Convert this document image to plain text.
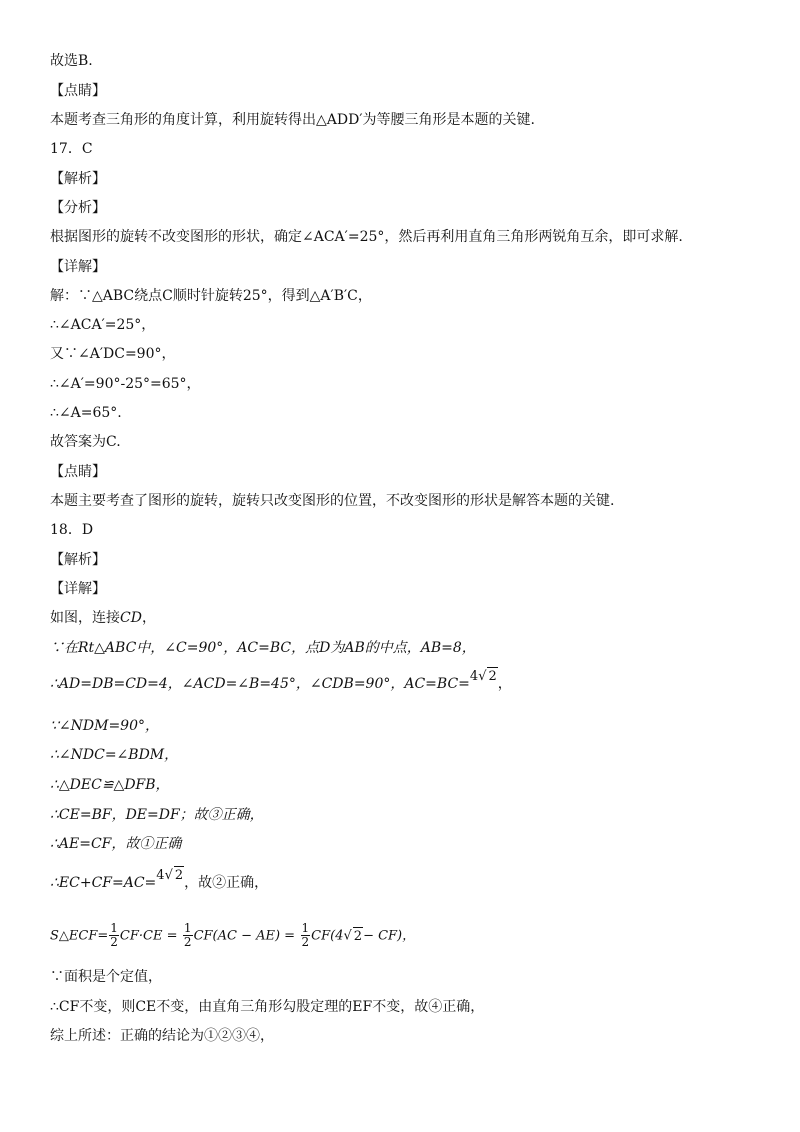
故选B.
【点睛】
本题考查三角形的角度计算，利用旋转得出△ADD′为等腰三角形是本题的关键.
17．C
【解析】
【分析】
根据图形的旋转不改变图形的形状，确定∠ACA′=25°，然后再利用直角三角形两锐角互余，即可求解.
【详解】
解：∵△ABC绕点C顺时针旋转25°，得到△A′B′C，
∴∠ACA′=25°，
又∵∠A′DC=90°，
∴∠A′=90°-25°=65°，
∴∠A=65°.
故答案为C.
【点睛】
本题主要考查了图形的旋转，旋转只改变图形的位置，不改变图形的形状是解答本题的关键.
18．D
【解析】
【详解】
如图，连接CD，
∵在Rt△ABC中，∠C=90°，AC=BC，点D为AB的中点，AB=8，
∴AD=DB=CD=4，∠ACD=∠B=45°，∠CDB=90°，AC=BC=4√ 2，
∵∠NDM=90°，
∴∠NDC=∠BDM，
∴△DEC≌△DFB，
∴CE=BF，DE=DF；故③正确，
∴AE=CF，故①正确
∴EC+CF=AC=4√ 2，故②正确，
S△ECF= $\frac{1}{2} CF\cdot CE = \frac{1}{2} CF(AC - AE) = \frac{1}{2} CF(4√$ 2− CF)，
∵面积是个定值，
∴CF不变，则CE不变，由直角三角形勾股定理的EF不变，故④正确，
综上所述：正确的结论为①②③④，
